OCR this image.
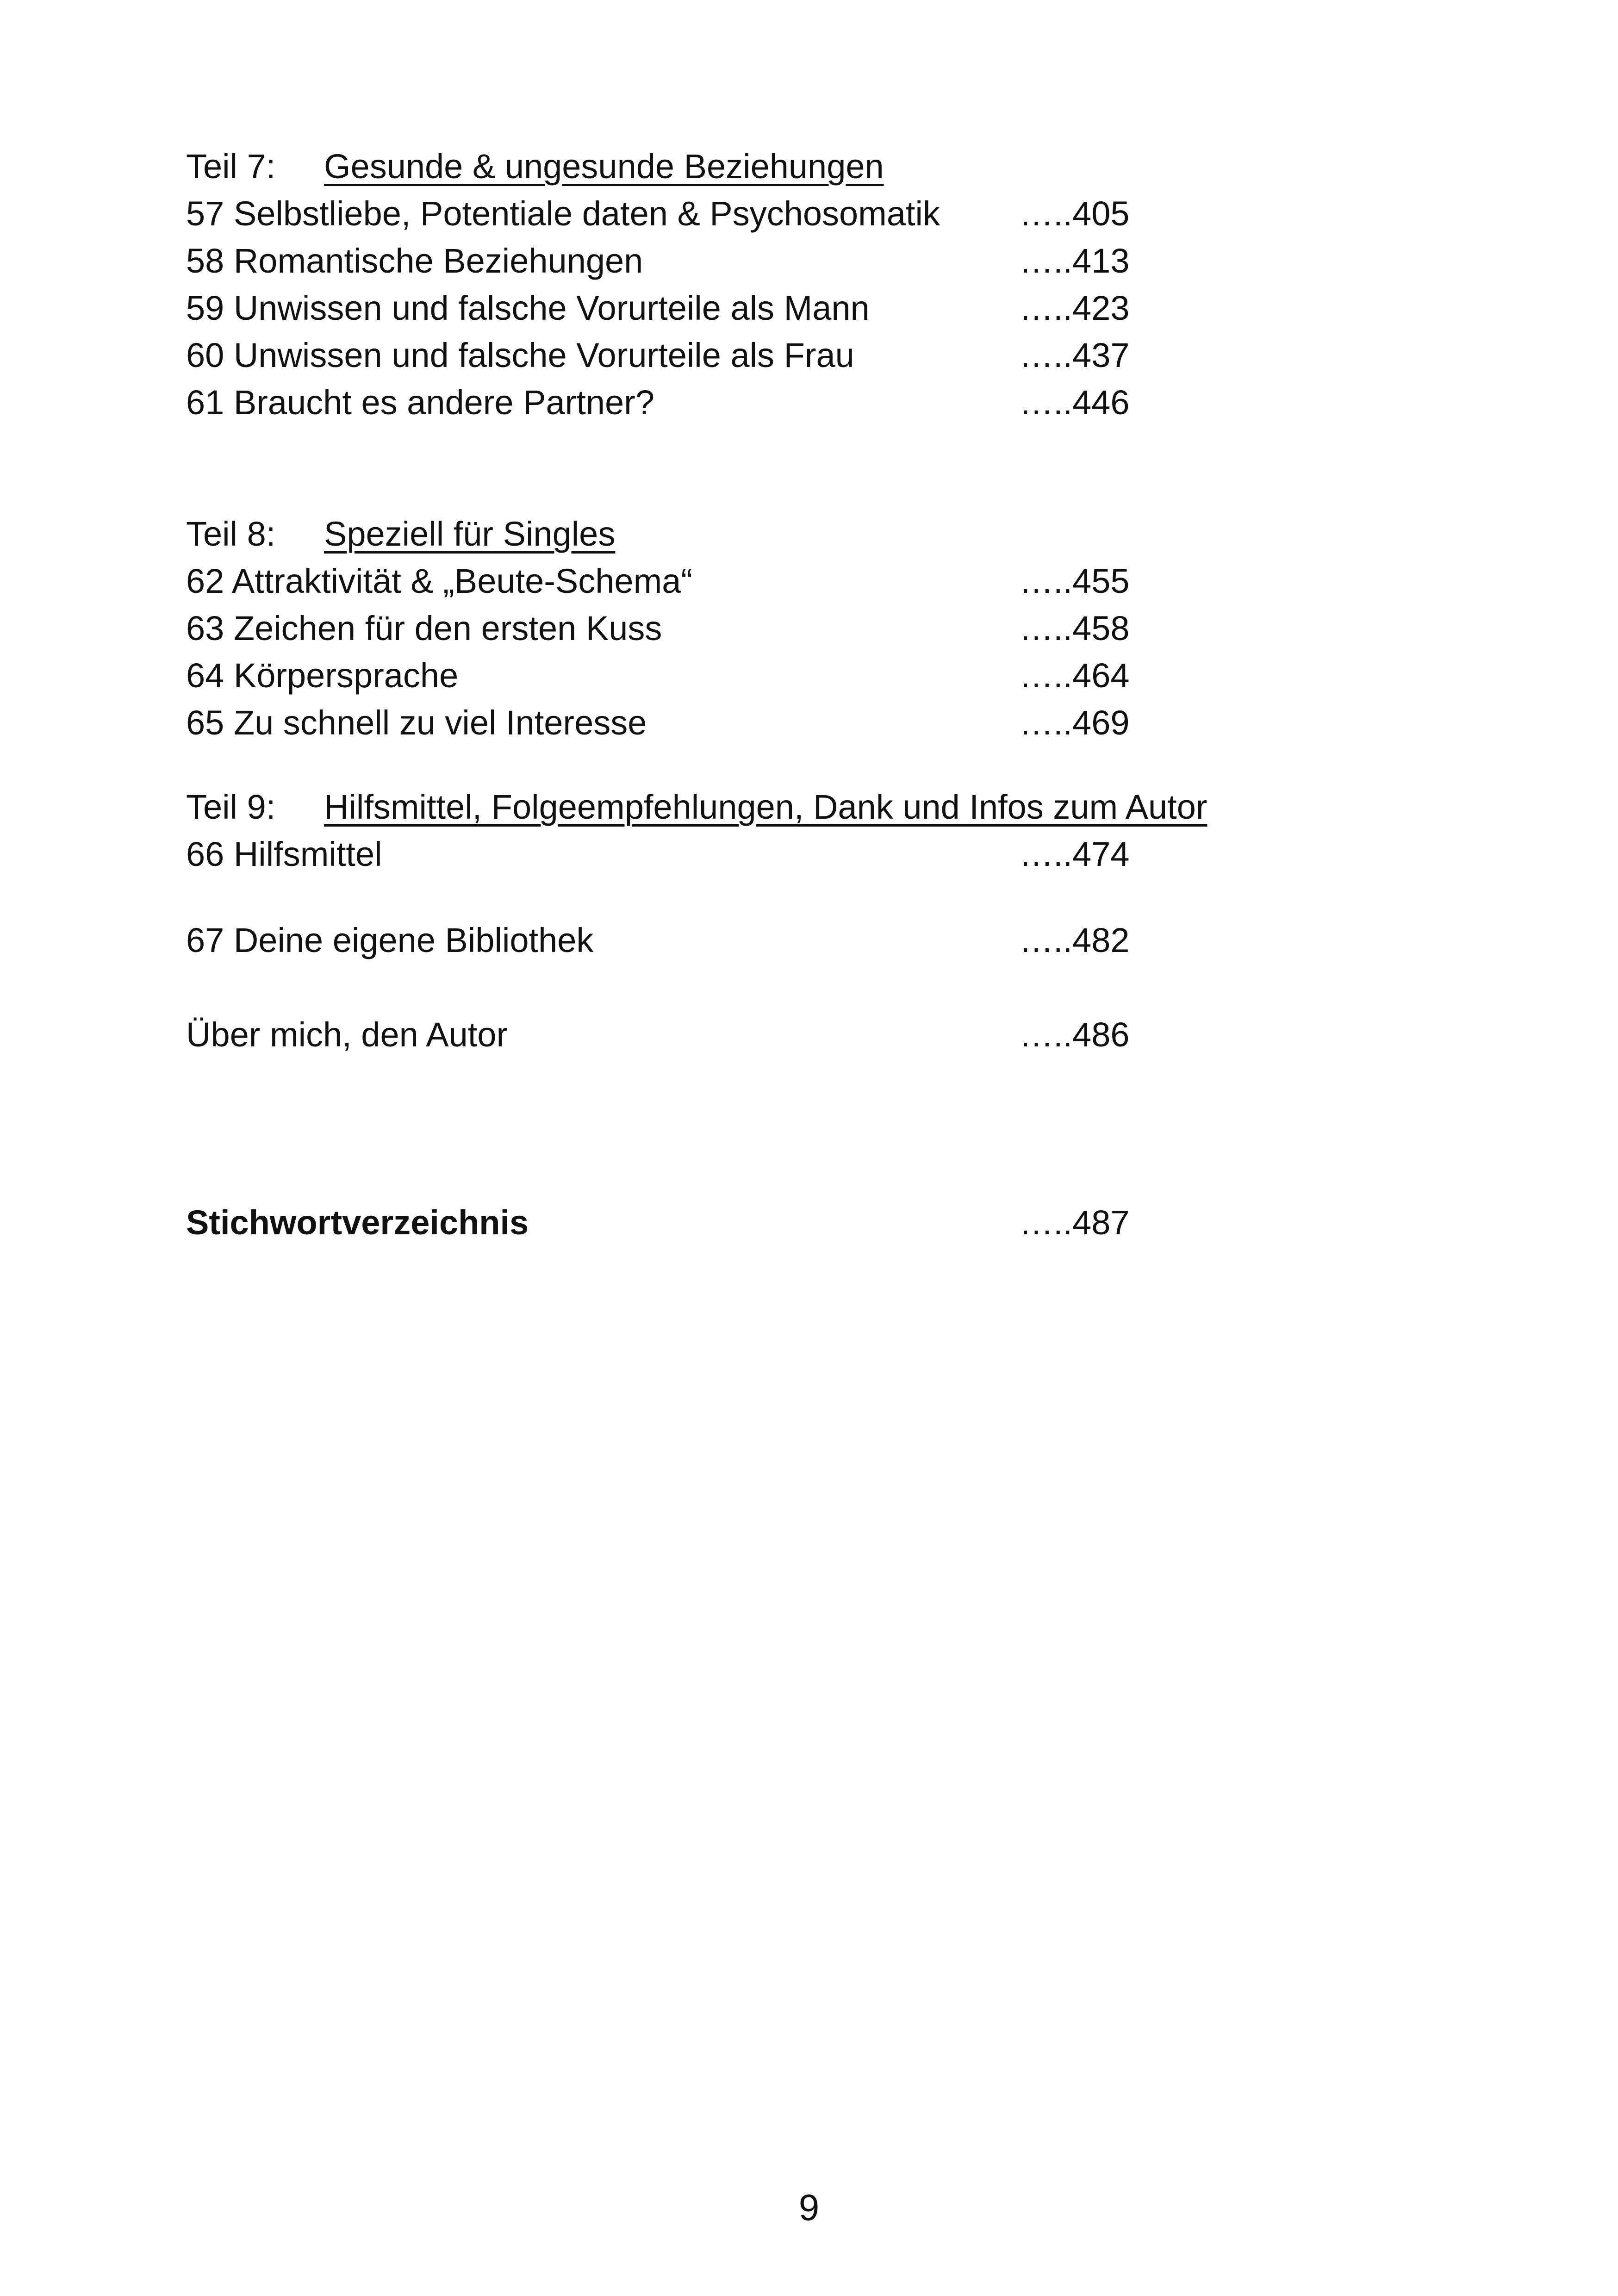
Teil 7: Gesunde & ungesunde Beziehungen
57 Selbstliebe, Potentiale daten & Psychosomatik …..405
58 Romantische Beziehungen	…..413
59 Unwissen und falsche Vorurteile als Mann	…..423
60 Unwissen und falsche Vorurteile als Frau	…..437
61 Braucht es andere Partner?	…..446
Teil 8: Speziell für Singles
62 Attraktivität & „Beute-Schema“	…..455
63 Zeichen für den ersten Kuss	…..458
64 Körpersprache	…..464
65 Zu schnell zu viel Interesse	…..469
Teil 9: Hilfsmittel, Folgeempfehlungen, Dank und Infos zum Autor
66 Hilfsmittel	…..474
67 Deine eigene Bibliothek	…..482
Über mich, den Autor	…..486
Stichwortverzeichnis	…..487
9
